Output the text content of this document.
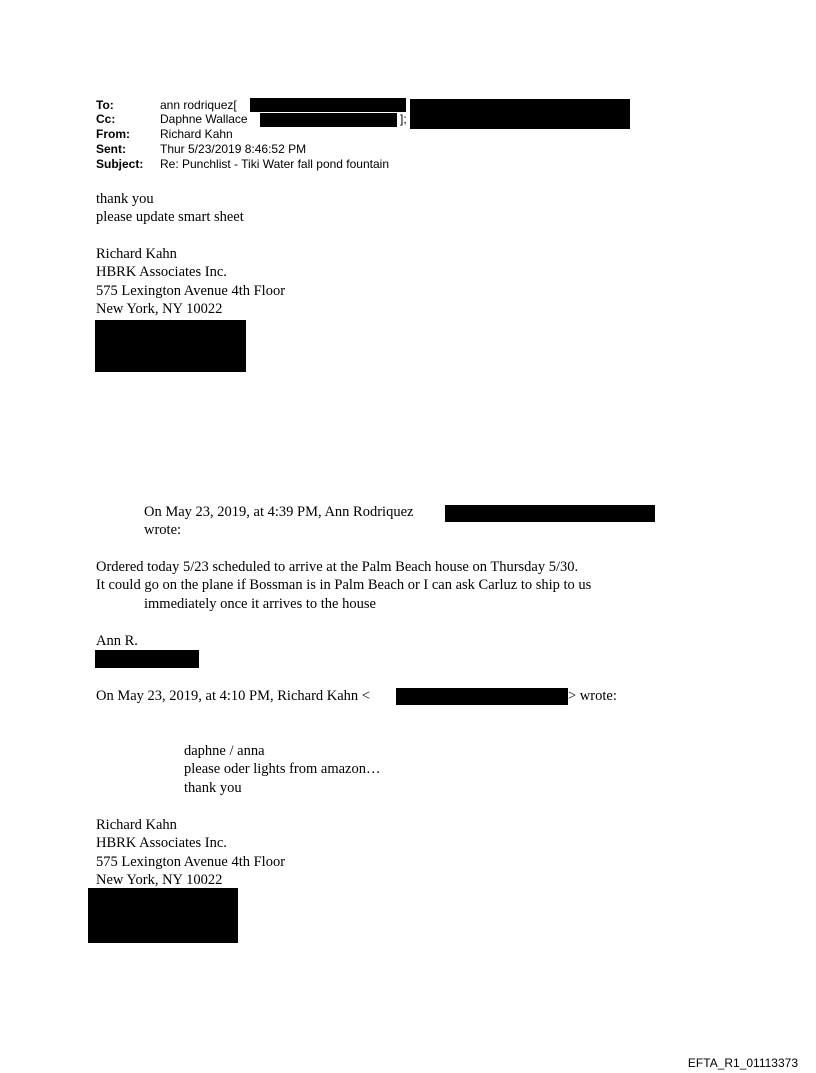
To:	ann rodriquez[
Cc:	Daphne Wallace	];
From:	Richard Kahn
Sent:	Thur 5/23/2019 8:46:52 PM
Subject: Re: Punchlist - Tiki Water fall pond fountain
thank you
please update smart sheet
Richard Kahn
HBRK Associates Inc.
575 Lexington Avenue 4th Floor
New York, NY 10022
On May 23, 2019, at 4:39 PM, Ann Rodriquez
wrote:
Ordered today 5/23 scheduled to arrive at the Palm Beach house on Thursday 5/30.
It could go on the plane if Bossman is in Palm Beach or I can ask Carluz to ship to us
immediately once it arrives to the house
Ann R.
On May 23, 2019, at 4:10 PM, Richard Kahn <	> wrote:
daphne / anna
please oder lights from amazon…
thank you
Richard Kahn
HBRK Associates Inc.
575 Lexington Avenue 4th Floor
New York, NY 10022
EFTA_R1_01113373
